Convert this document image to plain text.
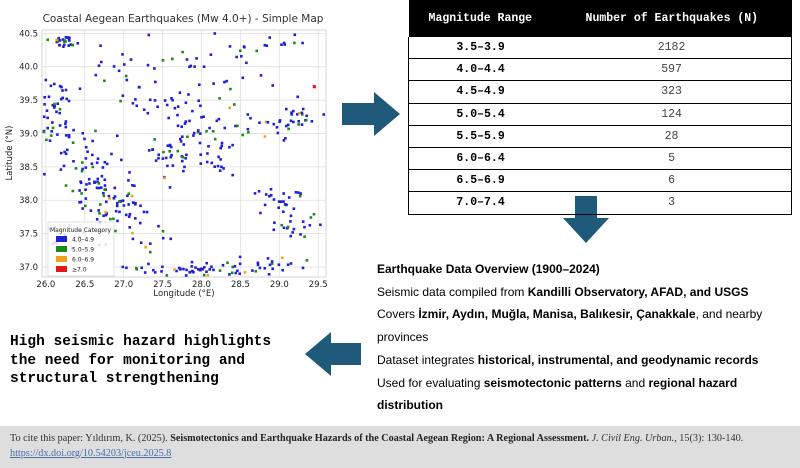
Coastal Aegean Earthquakes (Mw 4.0+) - Simple Map
26.0 26.5 27.0 27.5 28.0 28.5 29.0 29.5
40.5
40.0
39.5
39.0
38.5
38.0
37.5
37.0
Longitude (°E)
Latitude (°N)
Magnitude Category
4.0–4.9
5.0–5.9
6.0–6.9
≥7.0
Magnitude Range	Number of Earthquakes (N)
3.5–3.9	2182
4.0–4.4	597
4.5–4.9	323
5.0–5.4	124
5.5–5.9	28
6.0–6.4	5
6.5–6.9	6
7.0–7.4	3

Earthquake Data Overview (1900–2024)

Seismic data compiled from Kandilli Observatory, AFAD, and USGS

Covers İzmir, Aydın, Muğla, Manisa, Balıkesir, Çanakkale, and nearby provinces

Dataset integrates historical, instrumental, and geodynamic records

Used for evaluating seismotectonic patterns and regional hazard distribution

High seismic hazard highlights the need for monitoring and structural strengthening
To cite this paper: Yıldırım, K. (2025). Seismotectonics and Earthquake Hazards of the Coastal Aegean Region: A Regional Assessment. J. Civil Eng. Urban., 15(3): 130-140. https://dx.doi.org/10.54203/jceu.2025.8
